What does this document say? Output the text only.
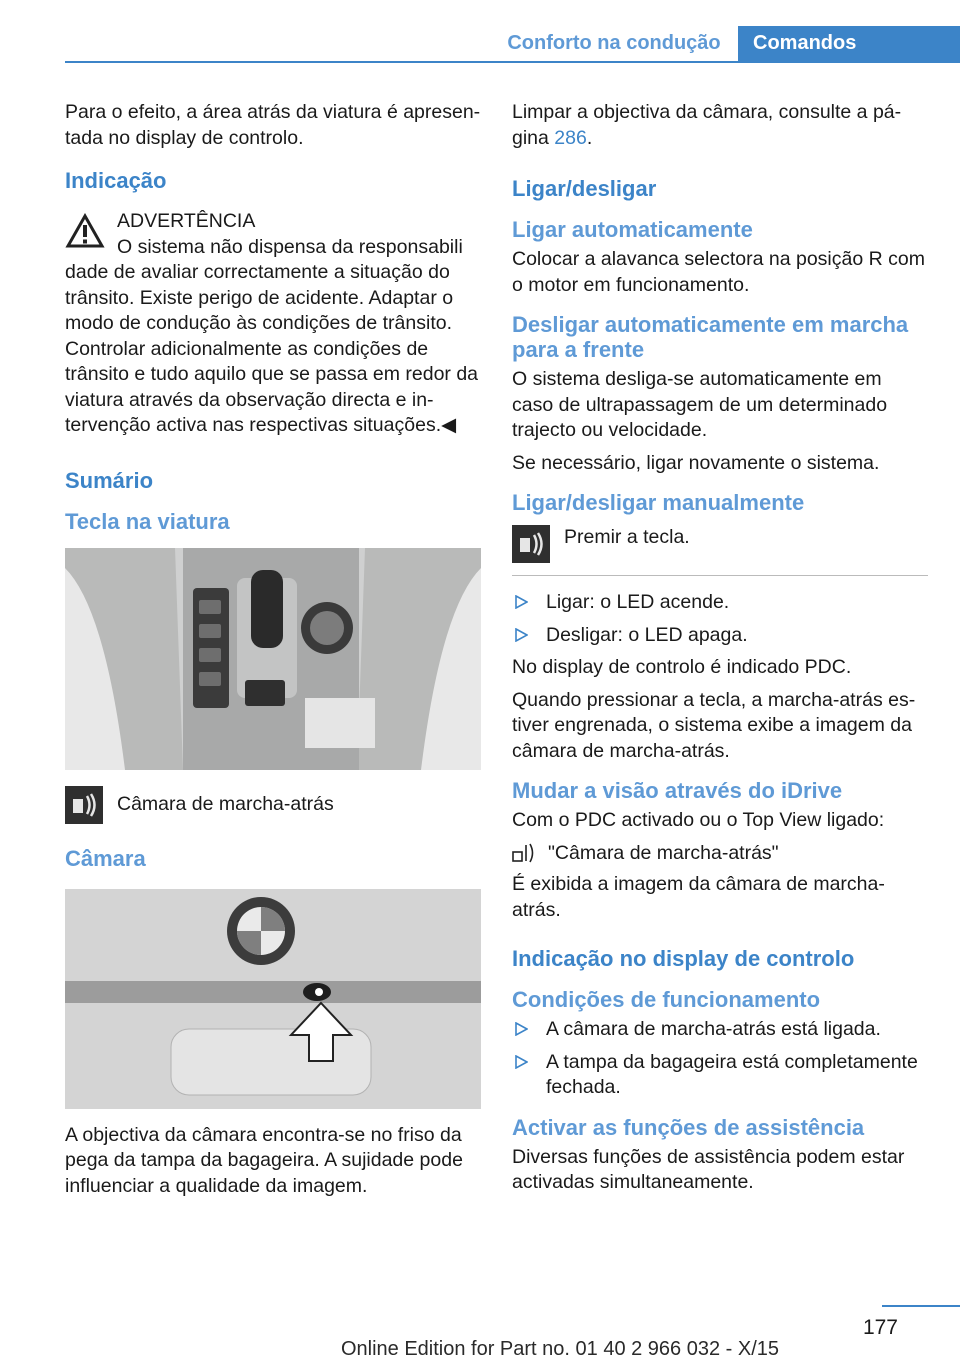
Conforto na condução	Comandos

Para o efeito, a área atrás da viatura é apresentada no display de controlo.

Indicação

ADVERTÊNCIA

O sistema não dispensa da responsabili

dade de avaliar correctamente a situação do trânsito. Existe perigo de acidente. Adaptar o modo de condução às condições de trânsito. Controlar adicionalmente as condições de trânsito e tudo aquilo que se passa em redor da viatura através da observação directa e intervenção activa nas respectivas situações.◀

Sumário
Tecla na viatura

Câmara de marcha-atrás

Câmara

A objectiva da câmara encontra-se no friso da pega da tampa da bagageira. A sujidade pode influenciar a qualidade da imagem.

Limpar a objectiva da câmara, consulte a página 286.

Ligar/desligar
Ligar automaticamente

Colocar a alavanca selectora na posição R com o motor em funcionamento.

Desligar automaticamente em marcha para a frente

O sistema desliga-se automaticamente em caso de ultrapassagem de um determinado trajecto ou velocidade.

Se necessário, ligar novamente o sistema.

Ligar/desligar manualmente

Premir a tecla.

Ligar: o LED acende.
Desligar: o LED apaga.

No display de controlo é indicado PDC.

Quando pressionar a tecla, a marcha-atrás estiver engrenada, o sistema exibe a imagem da câmara de marcha-atrás.

Mudar a visão através do iDrive

Com o PDC activado ou o Top View ligado:

"Câmara de marcha-atrás"

É exibida a imagem da câmara de marcha-atrás.

Indicação no display de controlo
Condições de funcionamento
A câmara de marcha-atrás está ligada.
A tampa da bagageira está completamente fechada.
Activar as funções de assistência

Diversas funções de assistência podem estar activadas simultaneamente.

177
Online Edition for Part no. 01 40 2 966 032 - X/15
